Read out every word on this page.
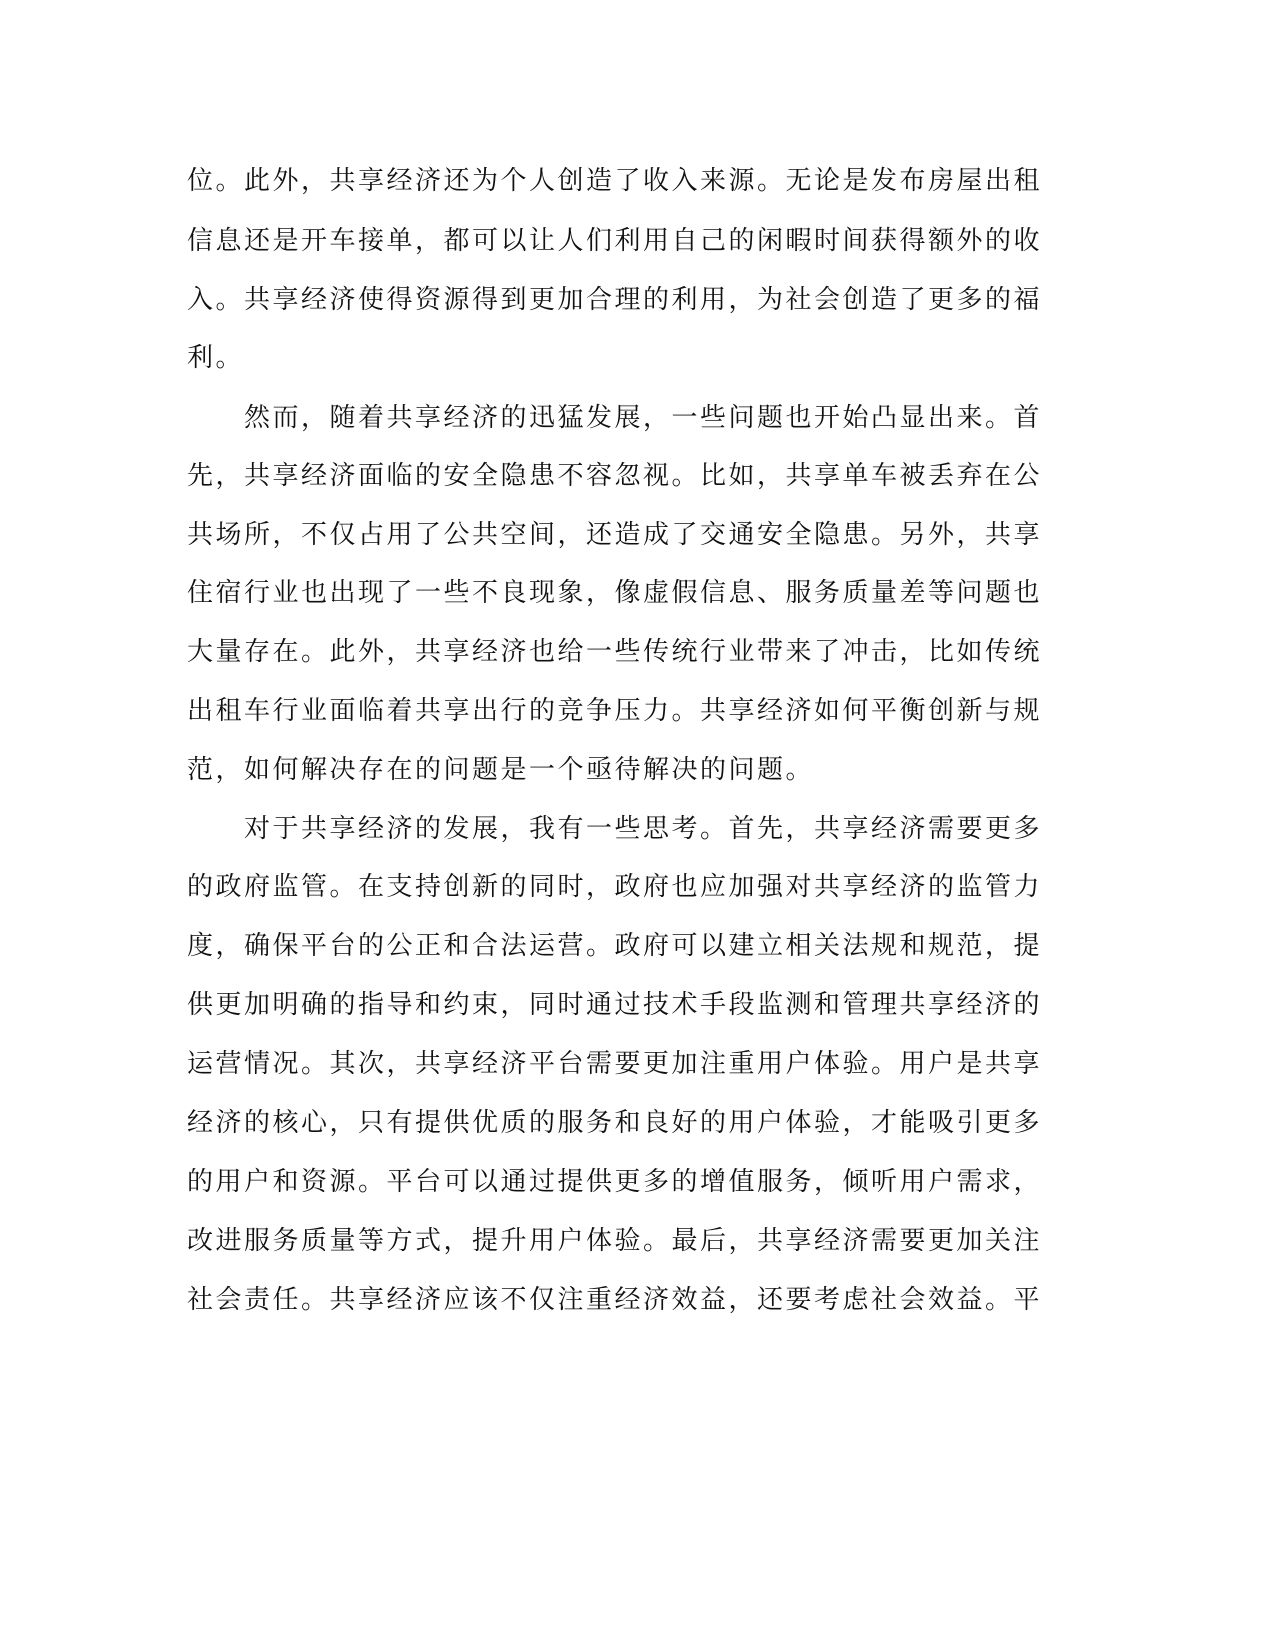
位。此外，共享经济还为个人创造了收入来源。无论是发布房屋出租
信息还是开车接单，都可以让人们利用自己的闲暇时间获得额外的收
入。共享经济使得资源得到更加合理的利用，为社会创造了更多的福
利。
　　然而，随着共享经济的迅猛发展，一些问题也开始凸显出来。首
先，共享经济面临的安全隐患不容忽视。比如，共享单车被丢弃在公
共场所，不仅占用了公共空间，还造成了交通安全隐患。另外，共享
住宿行业也出现了一些不良现象，像虚假信息、服务质量差等问题也
大量存在。此外，共享经济也给一些传统行业带来了冲击，比如传统
出租车行业面临着共享出行的竞争压力。共享经济如何平衡创新与规
范，如何解决存在的问题是一个亟待解决的问题。
　　对于共享经济的发展，我有一些思考。首先，共享经济需要更多
的政府监管。在支持创新的同时，政府也应加强对共享经济的监管力
度，确保平台的公正和合法运营。政府可以建立相关法规和规范，提
供更加明确的指导和约束，同时通过技术手段监测和管理共享经济的
运营情况。其次，共享经济平台需要更加注重用户体验。用户是共享
经济的核心，只有提供优质的服务和良好的用户体验，才能吸引更多
的用户和资源。平台可以通过提供更多的增值服务，倾听用户需求，
改进服务质量等方式，提升用户体验。最后，共享经济需要更加关注
社会责任。共享经济应该不仅注重经济效益，还要考虑社会效益。平
